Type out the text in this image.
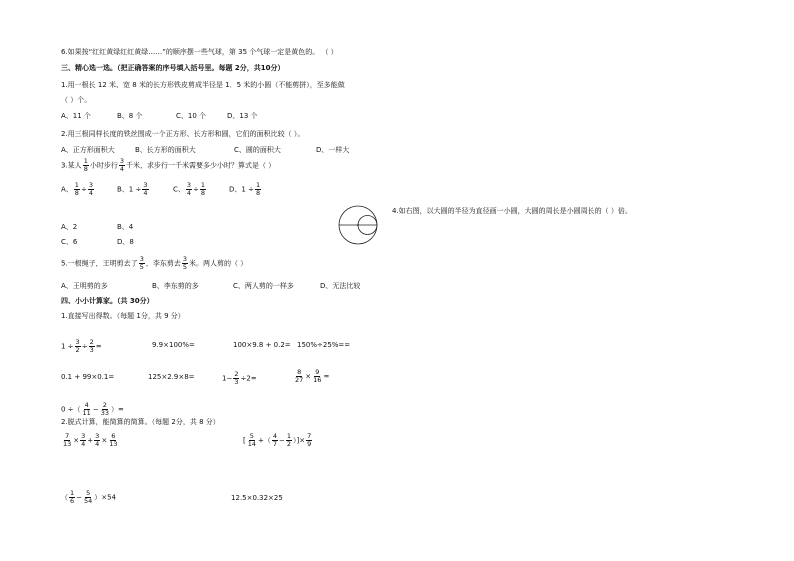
6.如果按“红红黄绿红红黄绿……”的顺序摆一些气球，第 35 个气球一定是黄色的。 （ ）
三、精心选一选。（把正确答案的序号填入括号里。每题 2分，共10分）
1.用一根长 12 米、宽 8 米的长方形铁皮剪成半径是 1．5 米的小圆（不能剪拼），至多能做
（ ）个。
A、11 个	B、8 个	C、10 个	D、13 个
2.用三根同样长度的铁丝围成一个正方形、长方形和圆，它们的面积比较（ ）。
A、正方形面积大	B、长方形的面积大	C、圆的面积大	D、一样大
3.某人 $\frac{1}{8}$ 小时步行 $\frac{3}{4}$ 千米，求步行一千米需要多少小时？算式是（ ）
A、 $\frac{1}{8} \div \frac{3}{4}$	B、$1 \div \frac{3}{4}$	C、 $\frac{3}{4} \div \frac{1}{8}$	D、$1 \div \frac{1}{8}$
4.如右图，以大圆的半径为直径画一小圆，大圆的周长是小圆周长的（ ）倍。
A、2	B、4
C、6	D、8
5.一根绳子，王明剪去了 $\frac{3}{5}$ ，李东剪去 $\frac{3}{5}$ 米。两人剪的（ ）
A、王明剪的多	B、李东剪的多	C、两人剪的一样多	D、无法比较
四、小小计算家。（共 30分）
1.直接写出得数。（每题 1分，共 9 分）
$1 \div \frac{3}{2} \div \frac{2}{3}$ =	9.9×100%=	100×9.8 + 0.2= 150%÷25%==
0.1 + 99×0.1=	125×2.9×8=	$1- \frac{2}{3} \div 2=$	$\frac{8}{27} \times \frac{9}{16}$ =
0 ÷（ $\frac{4}{11} - \frac{2}{33}$ ）=
2.脱式计算，能简算的简算。（每题 2分，共 8 分）
$\frac{7}{13} \times \frac{3}{4} + \frac{3}{4} \times \frac{6}{13}$	[ $\frac{5}{14}$ +（ $\frac{4}{7} - \frac{1}{2}$ ）]× $\frac{7}{9}$
（ $\frac{1}{6} - \frac{5}{54} )\times 54$	12.5×0.32×25
